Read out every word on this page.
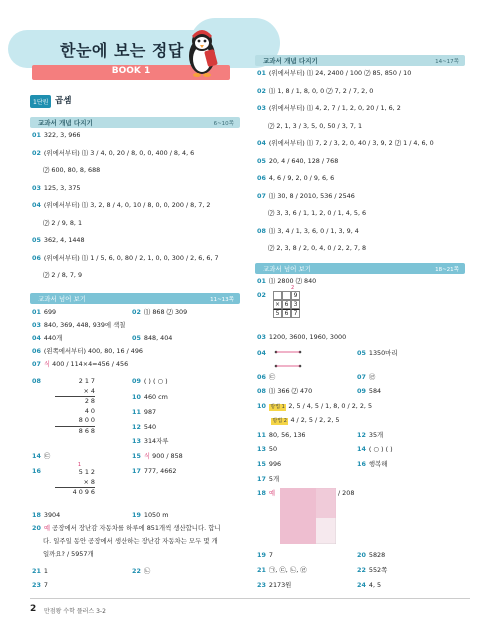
한눈에 보는 정답
BOOK 1
1단원 곱셈
교과서 개념 다지기	6~10쪽
01 322, 3, 966
02 (위에서부터) ⑴ 3 / 4, 0, 20 / 8, 0, 0, 400 / 8, 4, 6
⑵ 600, 80, 8, 688
03 125, 3, 375
04 (위에서부터) ⑴ 3, 2, 8 / 4, 0, 10 / 8, 0, 0, 200 / 8, 7, 2
⑵ 2 / 9, 8, 1
05 362, 4, 1448
06 (위에서부터) ⑴ 1 / 5, 6, 0, 80 / 2, 1, 0, 0, 300 / 2, 6, 6, 7
⑵ 2 / 8, 7, 9
교과서 넘어 보기	11~13쪽
01 699	02 ⑴ 868 ⑵ 309
03 840, 369, 448, 939에 색칠
04 440개	05 848, 404
06 (왼쪽에서부터) 400, 80, 16 / 496
07 식 400 / 114×4=456 / 456
08	2 1 7
× 4
2 8
4 0
8 0 0
8 6 8
09 ( ) ( ○ )
10 460 cm
11 987
12 540
13 314자루
14 ㉢	15 식 900 / 858
16
1
5 1 2
× 8
4 0 9 6
17 777, 4662
18 3904	19 1050 m
20 예 공장에서 장난감 자동차를 하루에 851개씩 생산합니다. 합니
다. 일주일 동안 공장에서 생산하는 장난감 자동차는 모두 몇 개
일까요? / 5957개
21 1	22 ㉡
23 7
교과서 개념 다지기	14~17쪽
01 (위에서부터) ⑴ 24, 2400 / 100 ⑵ 85, 850 / 10
02 ⑴ 1, 8 / 1, 8, 0, 0 ⑵ 7, 2 / 7, 2, 0
03 (위에서부터) ⑴ 4, 2, 7 / 1, 2, 0, 20 / 1, 6, 2
⑵ 2, 1, 3 / 3, 5, 0, 50 / 3, 7, 1
04 (위에서부터) ⑴ 7, 2 / 3, 2, 0, 40 / 3, 9, 2 ⑵ 1 / 4, 6, 0
05 20, 4 / 640, 128 / 768
06 4, 6 / 9, 2, 0 / 9, 6, 6
07 ⑴ 30, 8 / 2010, 536 / 2546
⑵ 3, 3, 6 / 1, 1, 2, 0 / 1, 4, 5, 6
08 ⑴ 3, 4 / 1, 3, 6, 0 / 1, 3, 9, 4
⑵ 2, 3, 8 / 2, 0, 4, 0 / 2, 2, 7, 8
교과서 넘어 보기	18~21쪽
01 ⑴ 2800 ⑵ 840
02
2
9
× 6 3
5 6 7
03 1200, 3600, 1960, 3000
04	05 1350마리
06 ㉢	07 ㉣
08 ⑴ 366 ⑵ 470	09 584
10 방법 1 2, 5 / 4, 5 / 1, 8, 0 / 2, 2, 5
방법 2 4 / 2, 5 / 2, 2, 5
11 80, 56, 136	12 35개
13 50	14 ( ○ ) ( )
15 996	16 행복해
17 5개
18 예	/ 208
19 7	20 5828
21 ㉠, ㉢, ㉡, ㉣	22 552쪽
23 2173원	24 4, 5
2 만점왕 수학 플러스 3-2
